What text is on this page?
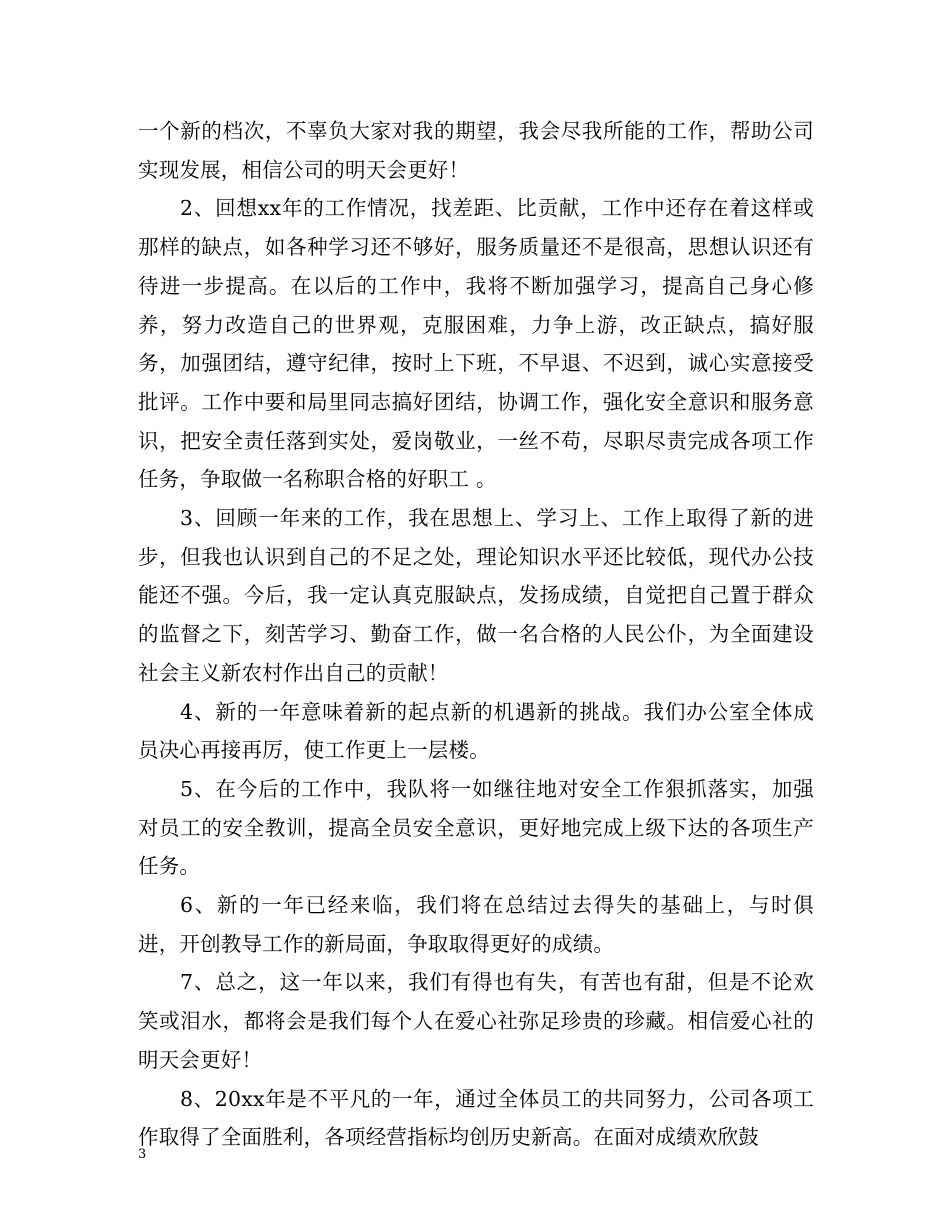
一个新的档次，不辜负大家对我的期望，我会尽我所能的工作，帮助公司实现发展，相信公司的明天会更好！

2、回想xx年的工作情况，找差距、比贡献，工作中还存在着这样或那样的缺点，如各种学习还不够好，服务质量还不是很高，思想认识还有待进一步提高。在以后的工作中，我将不断加强学习，提高自己身心修养，努力改造自己的世界观，克服困难，力争上游，改正缺点，搞好服务，加强团结，遵守纪律，按时上下班，不早退、不迟到，诚心实意接受批评。工作中要和局里同志搞好团结，协调工作，强化安全意识和服务意识，把安全责任落到实处，爱岗敬业，一丝不苟，尽职尽责完成各项工作任务，争取做一名称职合格的好职工 。

3、回顾一年来的工作，我在思想上、学习上、工作上取得了新的进步，但我也认识到自己的不足之处，理论知识水平还比较低，现代办公技能还不强。今后，我一定认真克服缺点，发扬成绩，自觉把自己置于群众的监督之下，刻苦学习、勤奋工作，做一名合格的人民公仆，为全面建设社会主义新农村作出自己的贡献！

4、新的一年意味着新的起点新的机遇新的挑战。我们办公室全体成员决心再接再厉，使工作更上一层楼。

5、在今后的工作中，我队将一如继往地对安全工作狠抓落实，加强对员工的安全教训，提高全员安全意识，更好地完成上级下达的各项生产任务。

6、新的一年已经来临，我们将在总结过去得失的基础上，与时俱进，开创教导工作的新局面，争取取得更好的成绩。

7、总之，这一年以来，我们有得也有失，有苦也有甜，但是不论欢笑或泪水，都将会是我们每个人在爱心社弥足珍贵的珍藏。相信爱心社的明天会更好！

8、20xx年是不平凡的一年，通过全体员工的共同努力，公司各项工作取得了全面胜利，各项经营指标均创历史新高。在面对成绩欢欣鼓

3
